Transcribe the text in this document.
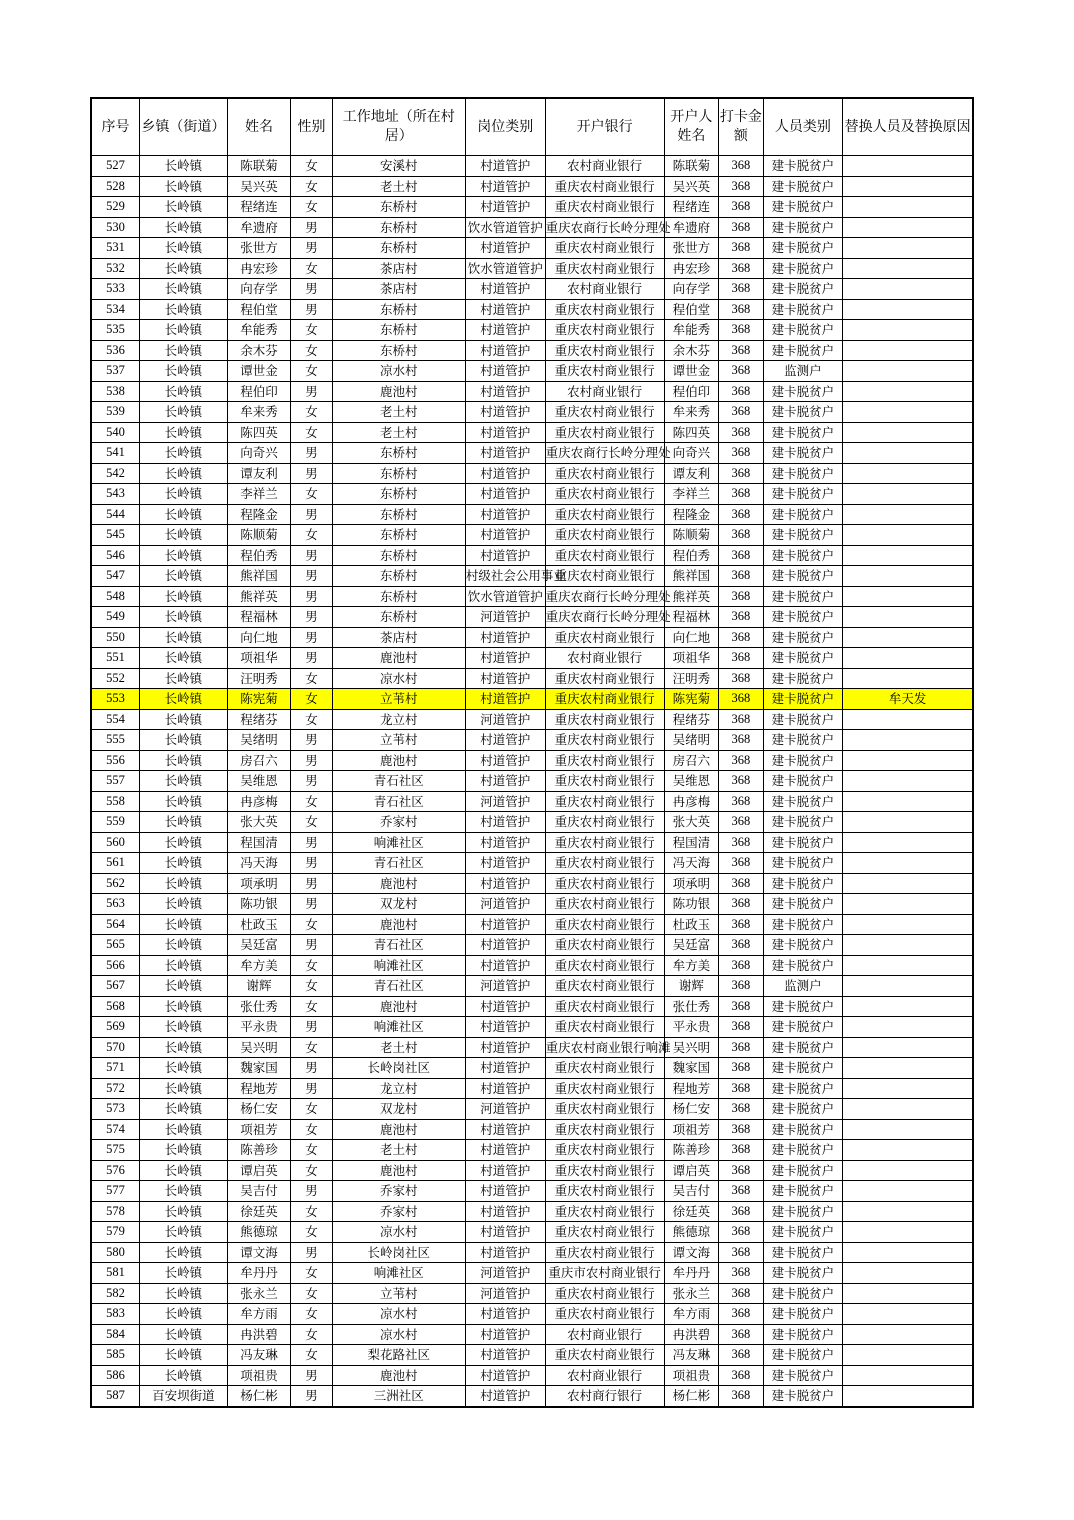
序号	乡镇（街道）	姓名	性别	工作地址（所在村居）	岗位类别	开户银行	开户人姓名	打卡金额	人员类别	替换人员及替换原因
527	长岭镇	陈联菊	女	安溪村	村道管护	农村商业银行	陈联菊	368	建卡脱贫户	
528	长岭镇	吴兴英	女	老土村	村道管护	重庆农村商业银行	吴兴英	368	建卡脱贫户	
529	长岭镇	程绪连	女	东桥村	村道管护	重庆农村商业银行	程绪连	368	建卡脱贫户	
530	长岭镇	牟遗府	男	东桥村	饮水管道管护	重庆农商行长岭分理处	牟遗府	368	建卡脱贫户	
531	长岭镇	张世方	男	东桥村	村道管护	重庆农村商业银行	张世方	368	建卡脱贫户	
532	长岭镇	冉宏珍	女	茶店村	饮水管道管护	重庆农村商业银行	冉宏珍	368	建卡脱贫户	
533	长岭镇	向存学	男	茶店村	村道管护	农村商业银行	向存学	368	建卡脱贫户	
534	长岭镇	程伯堂	男	东桥村	村道管护	重庆农村商业银行	程伯堂	368	建卡脱贫户	
535	长岭镇	牟能秀	女	东桥村	村道管护	重庆农村商业银行	牟能秀	368	建卡脱贫户	
536	长岭镇	余木芬	女	东桥村	村道管护	重庆农村商业银行	余木芬	368	建卡脱贫户	
537	长岭镇	谭世金	女	凉水村	村道管护	重庆农村商业银行	谭世金	368	监测户	
538	长岭镇	程伯印	男	鹿池村	村道管护	农村商业银行	程伯印	368	建卡脱贫户	
539	长岭镇	牟来秀	女	老土村	村道管护	重庆农村商业银行	牟来秀	368	建卡脱贫户	
540	长岭镇	陈四英	女	老土村	村道管护	重庆农村商业银行	陈四英	368	建卡脱贫户	
541	长岭镇	向奇兴	男	东桥村	村道管护	重庆农商行长岭分理处	向奇兴	368	建卡脱贫户	
542	长岭镇	谭友利	男	东桥村	村道管护	重庆农村商业银行	谭友利	368	建卡脱贫户	
543	长岭镇	李祥兰	女	东桥村	村道管护	重庆农村商业银行	李祥兰	368	建卡脱贫户	
544	长岭镇	程隆金	男	东桥村	村道管护	重庆农村商业银行	程隆金	368	建卡脱贫户	
545	长岭镇	陈顺菊	女	东桥村	村道管护	重庆农村商业银行	陈顺菊	368	建卡脱贫户	
546	长岭镇	程伯秀	男	东桥村	村道管护	重庆农村商业银行	程伯秀	368	建卡脱贫户	
547	长岭镇	熊祥国	男	东桥村	村级社会公用事业	重庆农村商业银行	熊祥国	368	建卡脱贫户	
548	长岭镇	熊祥英	男	东桥村	饮水管道管护	重庆农商行长岭分理处	熊祥英	368	建卡脱贫户	
549	长岭镇	程福林	男	东桥村	河道管护	重庆农商行长岭分理处	程福林	368	建卡脱贫户	
550	长岭镇	向仁地	男	茶店村	村道管护	重庆农村商业银行	向仁地	368	建卡脱贫户	
551	长岭镇	项祖华	男	鹿池村	村道管护	农村商业银行	项祖华	368	建卡脱贫户	
552	长岭镇	汪明秀	女	凉水村	村道管护	重庆农村商业银行	汪明秀	368	建卡脱贫户	
553	长岭镇	陈宪菊	女	立苇村	村道管护	重庆农村商业银行	陈宪菊	368	建卡脱贫户	牟天发
554	长岭镇	程绪芬	女	龙立村	河道管护	重庆农村商业银行	程绪芬	368	建卡脱贫户	
555	长岭镇	吴绪明	男	立苇村	村道管护	重庆农村商业银行	吴绪明	368	建卡脱贫户	
556	长岭镇	房召六	男	鹿池村	村道管护	重庆农村商业银行	房召六	368	建卡脱贫户	
557	长岭镇	吴维恩	男	青石社区	村道管护	重庆农村商业银行	吴维恩	368	建卡脱贫户	
558	长岭镇	冉彦梅	女	青石社区	河道管护	重庆农村商业银行	冉彦梅	368	建卡脱贫户	
559	长岭镇	张大英	女	乔家村	村道管护	重庆农村商业银行	张大英	368	建卡脱贫户	
560	长岭镇	程国清	男	响滩社区	村道管护	重庆农村商业银行	程国清	368	建卡脱贫户	
561	长岭镇	冯天海	男	青石社区	村道管护	重庆农村商业银行	冯天海	368	建卡脱贫户	
562	长岭镇	项承明	男	鹿池村	村道管护	重庆农村商业银行	项承明	368	建卡脱贫户	
563	长岭镇	陈功银	男	双龙村	河道管护	重庆农村商业银行	陈功银	368	建卡脱贫户	
564	长岭镇	杜政玉	女	鹿池村	村道管护	重庆农村商业银行	杜政玉	368	建卡脱贫户	
565	长岭镇	吴廷富	男	青石社区	村道管护	重庆农村商业银行	吴廷富	368	建卡脱贫户	
566	长岭镇	牟方美	女	响滩社区	村道管护	重庆农村商业银行	牟方美	368	建卡脱贫户	
567	长岭镇	谢辉	女	青石社区	河道管护	重庆农村商业银行	谢辉	368	监测户	
568	长岭镇	张仕秀	女	鹿池村	村道管护	重庆农村商业银行	张仕秀	368	建卡脱贫户	
569	长岭镇	平永贵	男	响滩社区	村道管护	重庆农村商业银行	平永贵	368	建卡脱贫户	
570	长岭镇	吴兴明	女	老土村	村道管护	重庆农村商业银行响滩	吴兴明	368	建卡脱贫户	
571	长岭镇	魏家国	男	长岭岗社区	村道管护	重庆农村商业银行	魏家国	368	建卡脱贫户	
572	长岭镇	程地芳	男	龙立村	村道管护	重庆农村商业银行	程地芳	368	建卡脱贫户	
573	长岭镇	杨仁安	女	双龙村	河道管护	重庆农村商业银行	杨仁安	368	建卡脱贫户	
574	长岭镇	项祖芳	女	鹿池村	村道管护	重庆农村商业银行	项祖芳	368	建卡脱贫户	
575	长岭镇	陈善珍	女	老土村	村道管护	重庆农村商业银行	陈善珍	368	建卡脱贫户	
576	长岭镇	谭启英	女	鹿池村	村道管护	重庆农村商业银行	谭启英	368	建卡脱贫户	
577	长岭镇	吴吉付	男	乔家村	村道管护	重庆农村商业银行	吴吉付	368	建卡脱贫户	
578	长岭镇	徐廷英	女	乔家村	村道管护	重庆农村商业银行	徐廷英	368	建卡脱贫户	
579	长岭镇	熊德琼	女	凉水村	村道管护	重庆农村商业银行	熊德琼	368	建卡脱贫户	
580	长岭镇	谭文海	男	长岭岗社区	村道管护	重庆农村商业银行	谭文海	368	建卡脱贫户	
581	长岭镇	牟丹丹	女	响滩社区	河道管护	重庆市农村商业银行	牟丹丹	368	建卡脱贫户	
582	长岭镇	张永兰	女	立苇村	河道管护	重庆农村商业银行	张永兰	368	建卡脱贫户	
583	长岭镇	牟方雨	女	凉水村	村道管护	重庆农村商业银行	牟方雨	368	建卡脱贫户	
584	长岭镇	冉洪碧	女	凉水村	村道管护	农村商业银行	冉洪碧	368	建卡脱贫户	
585	长岭镇	冯友琳	女	梨花路社区	村道管护	重庆农村商业银行	冯友琳	368	建卡脱贫户	
586	长岭镇	项祖贵	男	鹿池村	村道管护	农村商业银行	项祖贵	368	建卡脱贫户	
587	百安坝街道	杨仁彬	男	三洲社区	村道管护	农村商行银行	杨仁彬	368	建卡脱贫户	
